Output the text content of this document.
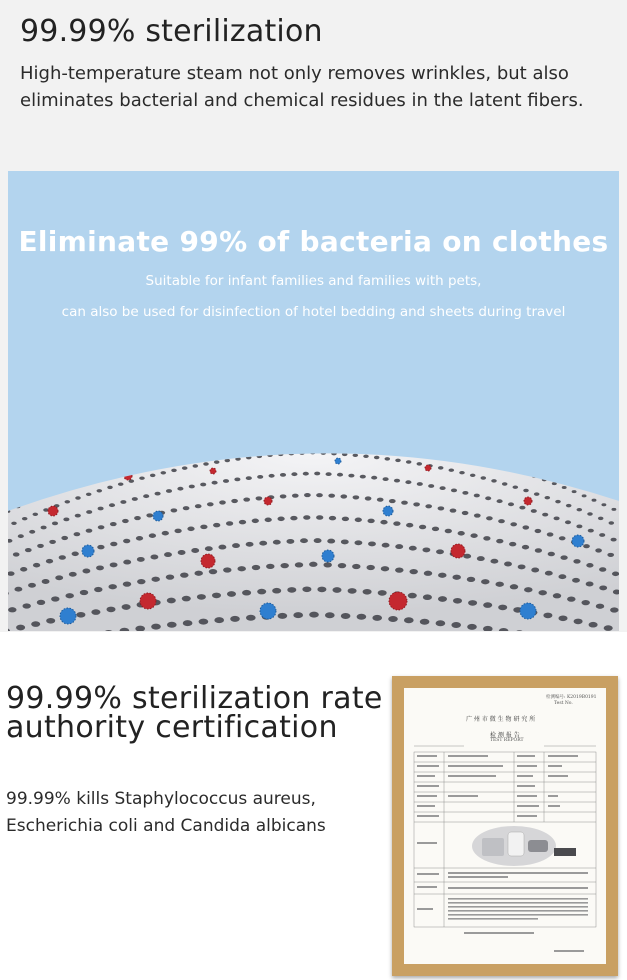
99.99% sterilization

High-temperature steam not only removes wrinkles, but also eliminates bacterial and chemical residues in the latent fibers.

Eliminate 99% of bacteria on clothes

Suitable for infant families and families with pets,

can also be used for disinfection of hotel bedding and sheets during travel

99.99% sterilization rate
authority certification

99.99% kills Staphylococcus aureus, Escherichia coli and Candida albicans

检测编号: K2019B0191
Test No.
广 州 市 微 生 物 研 究 所
检 测 报 告
TEST REPORT
